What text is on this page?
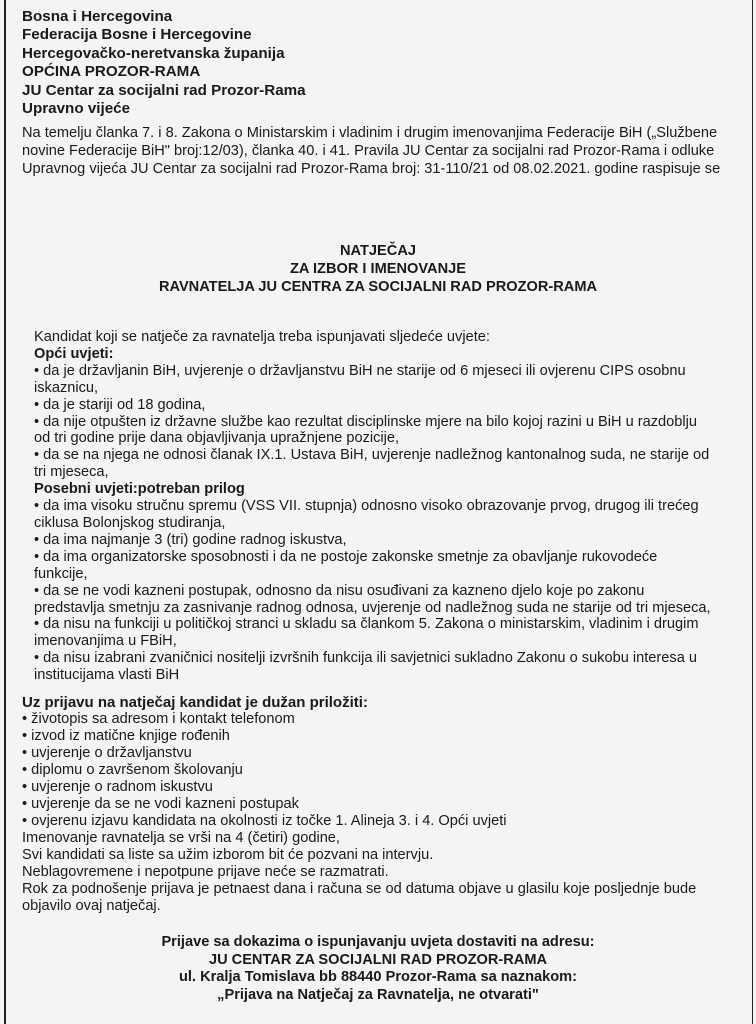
Bosna i Hercegovina
Federacija Bosne i Hercegovine
Hercegovačko-neretvanska županija
OPĆINA PROZOR-RAMA
JU Centar za socijalni rad Prozor-Rama
Upravno vijeće
Na temelju članka 7. i 8. Zakona o Ministarskim i vladinim i drugim imenovanjima Federacije BiH („Službene novine Federacije BiH" broj:12/03), članka 40. i 41. Pravila JU Centar za socijalni rad Prozor-Rama i odluke Upravnog vijeća JU Centar za socijalni rad Prozor-Rama broj: 31-110/21 od 08.02.2021. godine raspisuje se
NATJEČAJ
ZA IZBOR I IMENOVANJE
RAVNATELJA JU CENTRA ZA SOCIJALNI RAD PROZOR-RAMA
Kandidat koji se natječe za ravnatelja treba ispunjavati sljedeće uvjete:
Opći uvjeti:
• da je državljanin BiH, uvjerenje o državljanstvu BiH ne starije od 6 mjeseci ili ovjerenu CIPS osobnu
iskaznicu,
• da je stariji od 18 godina,
• da nije otpušten iz državne službe kao rezultat disciplinske mjere na bilo kojoj razini u BiH u razdoblju
od tri godine prije dana objavljivanja upražnjene pozicije,
• da se na njega ne odnosi članak IX.1. Ustava BiH, uvjerenje nadležnog kantonalnog suda, ne starije od
tri mjeseca,
Posebni uvjeti:potreban prilog
• da ima visoku stručnu spremu (VSS VII. stupnja) odnosno visoko obrazovanje prvog, drugog ili trećeg
ciklusa Bolonjskog studiranja,
• da ima najmanje 3 (tri) godine radnog iskustva,
• da ima organizatorske sposobnosti i da ne postoje zakonske smetnje za obavljanje rukovodeće
funkcije,
• da se ne vodi kazneni postupak, odnosno da nisu osuđivani za kazneno djelo koje po zakonu
predstavlja smetnju za zasnivanje radnog odnosa, uvjerenje od nadležnog suda ne starije od tri mjeseca,
• da nisu na funkciji u političkoj stranci u skladu sa člankom 5. Zakona o ministarskim, vladinim i drugim
imenovanjima u FBiH,
• da nisu izabrani zvaničnici nositelji izvršnih funkcija ili savjetnici sukladno Zakonu o sukobu interesa u
institucijama vlasti BiH
Uz prijavu na natječaj kandidat je dužan priložiti:
• životopis sa adresom i kontakt telefonom
• izvod iz matične knjige rođenih
• uvjerenje o državljanstvu
• diplomu o završenom školovanju
• uvjerenje o radnom iskustvu
• uvjerenje da se ne vodi kazneni postupak
• ovjerenu izjavu kandidata na okolnosti iz točke 1. Alineja 3. i 4. Opći uvjeti
Imenovanje ravnatelja se vrši na 4 (četiri) godine,
Svi kandidati sa liste sa užim izborom bit će pozvani na intervju.
Neblagovremene i nepotpune prijave neće se razmatrati.
Rok za podnošenje prijava je petnaest dana i računa se od datuma objave u glasilu koje posljednje bude
objavilo ovaj natječaj.
Prijave sa dokazima o ispunjavanju uvjeta dostaviti na adresu:
JU CENTAR ZA SOCIJALNI RAD PROZOR-RAMA
ul. Kralja Tomislava bb 88440 Prozor-Rama sa naznakom:
„Prijava na Natječaj za Ravnatelja, ne otvarati"
